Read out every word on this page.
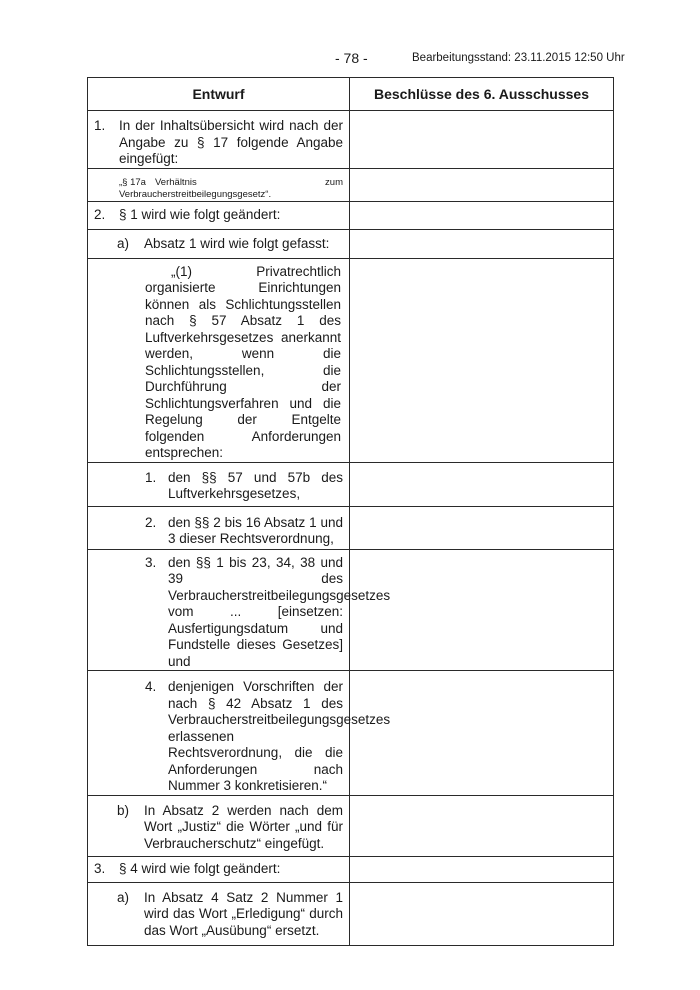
- 78 -	Bearbeitungsstand: 23.11.2015 12:50 Uhr
Entwurf	Beschlüsse des 6. Ausschusses

1. In der Inhaltsübersicht wird nach der Angabe zu § 17 folgende Angabe eingefügt:	

„§ 17a Verhältnis zum Verbraucherstreitbeilegungsgesetz“.	

2. § 1 wird wie folgt geändert:	

a) Absatz 1 wird wie folgt gefasst:	

„(1) Privatrechtlich organisierte Einrichtungen können als Schlichtungsstellen nach § 57 Absatz 1 des Luftverkehrsgesetzes anerkannt werden, wenn die Schlichtungsstellen, die Durchführung der Schlichtungsverfahren und die Regelung der Entgelte folgenden Anforderungen entsprechen:	

1. den §§ 57 und 57b des Luftverkehrsgesetzes,	

2. den §§ 2 bis 16 Absatz 1 und 3 dieser Rechtsverordnung,	

3. den §§ 1 bis 23, 34, 38 und 39 des Verbraucherstreitbeilegungsgesetzes vom ... [einsetzen: Ausfertigungsdatum und Fundstelle dieses Gesetzes] und	

4. denjenigen Vorschriften der nach § 42 Absatz 1 des Verbraucherstreitbeilegungsgesetzes erlassenen Rechtsverordnung, die die Anforderungen nach Nummer 3 konkretisieren.“	

b) In Absatz 2 werden nach dem Wort „Justiz“ die Wörter „und für Verbraucherschutz“ eingefügt.	

3. § 4 wird wie folgt geändert:	

a) In Absatz 4 Satz 2 Nummer 1 wird das Wort „Erledigung“ durch das Wort „Ausübung“ ersetzt.	
